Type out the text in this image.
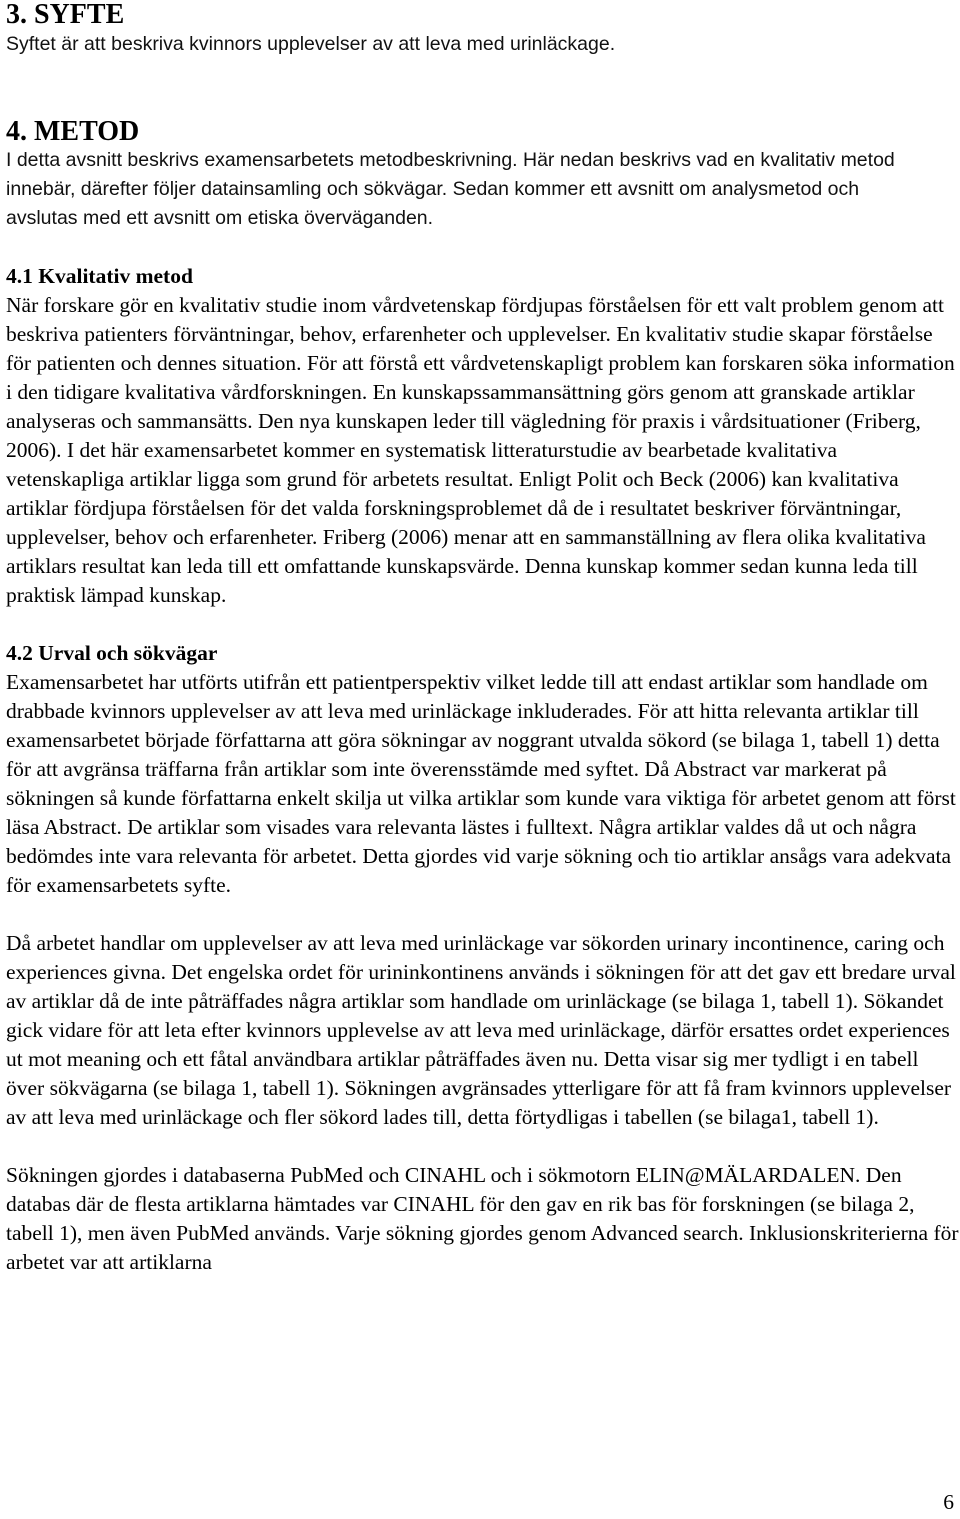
3. SYFTE

Syftet är att beskriva kvinnors upplevelser av att leva med urinläckage.

4. METOD

I detta avsnitt beskrivs examensarbetets metodbeskrivning. Här nedan beskrivs vad en kvalitativ metod innebär, därefter följer datainsamling och sökvägar. Sedan kommer ett avsnitt om analysmetod och avslutas med ett avsnitt om etiska överväganden.

4.1 Kvalitativ metod

När forskare gör en kvalitativ studie inom vårdvetenskap fördjupas förståelsen för ett valt problem genom att beskriva patienters förväntningar, behov, erfarenheter och upplevelser. En kvalitativ studie skapar förståelse för patienten och dennes situation. För att förstå ett vårdvetenskapligt problem kan forskaren söka information i den tidigare kvalitativa vårdforskningen. En kunskapssammansättning görs genom att granskade artiklar analyseras och sammansätts. Den nya kunskapen leder till vägledning för praxis i vårdsituationer (Friberg, 2006). I det här examensarbetet kommer en systematisk litteraturstudie av bearbetade kvalitativa vetenskapliga artiklar ligga som grund för arbetets resultat. Enligt Polit och Beck (2006) kan kvalitativa artiklar fördjupa förståelsen för det valda forskningsproblemet då de i resultatet beskriver förväntningar, upplevelser, behov och erfarenheter. Friberg (2006) menar att en sammanställning av flera olika kvalitativa artiklars resultat kan leda till ett omfattande kunskapsvärde. Denna kunskap kommer sedan kunna leda till praktisk lämpad kunskap.

4.2 Urval och sökvägar

Examensarbetet har utförts utifrån ett patientperspektiv vilket ledde till att endast artiklar som handlade om drabbade kvinnors upplevelser av att leva med urinläckage inkluderades. För att hitta relevanta artiklar till examensarbetet började författarna att göra sökningar av noggrant utvalda sökord (se bilaga 1, tabell 1) detta för att avgränsa träffarna från artiklar som inte överensstämde med syftet. Då Abstract var markerat på sökningen så kunde författarna enkelt skilja ut vilka artiklar som kunde vara viktiga för arbetet genom att först läsa Abstract. De artiklar som visades vara relevanta lästes i fulltext. Några artiklar valdes då ut och några bedömdes inte vara relevanta för arbetet. Detta gjordes vid varje sökning och tio artiklar ansågs vara adekvata för examensarbetets syfte.

Då arbetet handlar om upplevelser av att leva med urinläckage var sökorden urinary incontinence, caring och experiences givna. Det engelska ordet för urininkontinens används i sökningen för att det gav ett bredare urval av artiklar då de inte påträffades några artiklar som handlade om urinläckage (se bilaga 1, tabell 1). Sökandet gick vidare för att leta efter kvinnors upplevelse av att leva med urinläckage, därför ersattes ordet experiences ut mot meaning och ett fåtal användbara artiklar påträffades även nu. Detta visar sig mer tydligt i en tabell över sökvägarna (se bilaga 1, tabell 1). Sökningen avgränsades ytterligare för att få fram kvinnors upplevelser av att leva med urinläckage och fler sökord lades till, detta förtydligas i tabellen (se bilaga1, tabell 1).

Sökningen gjordes i databaserna PubMed och CINAHL och i sökmotorn ELIN@MÄLARDALEN. Den databas där de flesta artiklarna hämtades var CINAHL för den gav en rik bas för forskningen (se bilaga 2, tabell 1), men även PubMed används. Varje sökning gjordes genom Advanced search. Inklusionskriterierna för arbetet var att artiklarna

6
